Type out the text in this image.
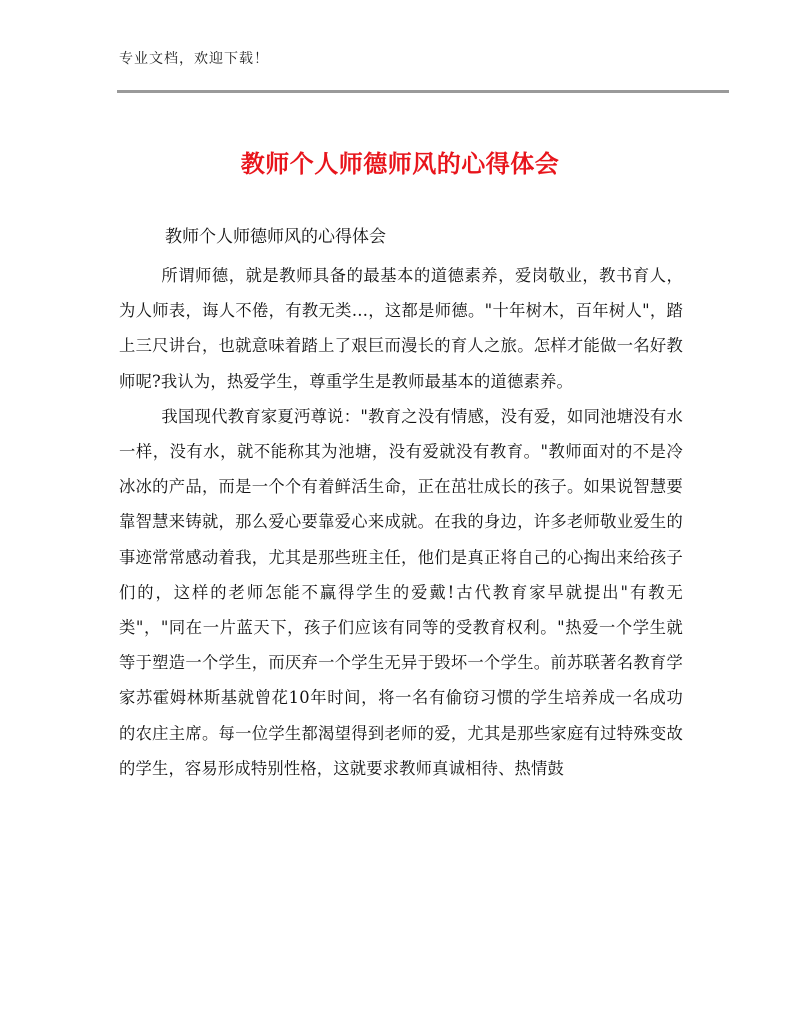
专业文档，欢迎下载！
教师个人师德师风的心得体会
教师个人师德师风的心得体会

所谓师德，就是教师具备的最基本的道德素养，爱岗敬业，教书育人，为人师表，诲人不倦，有教无类…，这都是师德。"十年树木，百年树人"，踏上三尺讲台，也就意味着踏上了艰巨而漫长的育人之旅。怎样才能做一名好教师呢?我认为，热爱学生，尊重学生是教师最基本的道德素养。

我国现代教育家夏沔尊说："教育之没有情感，没有爱，如同池塘没有水一样，没有水，就不能称其为池塘，没有爱就没有教育。"教师面对的不是冷冰冰的产品，而是一个个有着鲜活生命，正在茁壮成长的孩子。如果说智慧要靠智慧来铸就，那么爱心要靠爱心来成就。在我的身边，许多老师敬业爱生的事迹常常感动着我，尤其是那些班主任，他们是真正将自己的心掏出来给孩子们的，这样的老师怎能不赢得学生的爱戴!古代教育家早就提出"有教无类"，"同在一片蓝天下，孩子们应该有同等的受教育权利。"热爱一个学生就等于塑造一个学生，而厌弃一个学生无异于毁坏一个学生。前苏联著名教育学家苏霍姆林斯基就曾花10年时间，将一名有偷窃习惯的学生培养成一名成功的农庄主席。每一位学生都渴望得到老师的爱，尤其是那些家庭有过特殊变故的学生，容易形成特别性格，这就要求教师真诚相待、热情鼓
